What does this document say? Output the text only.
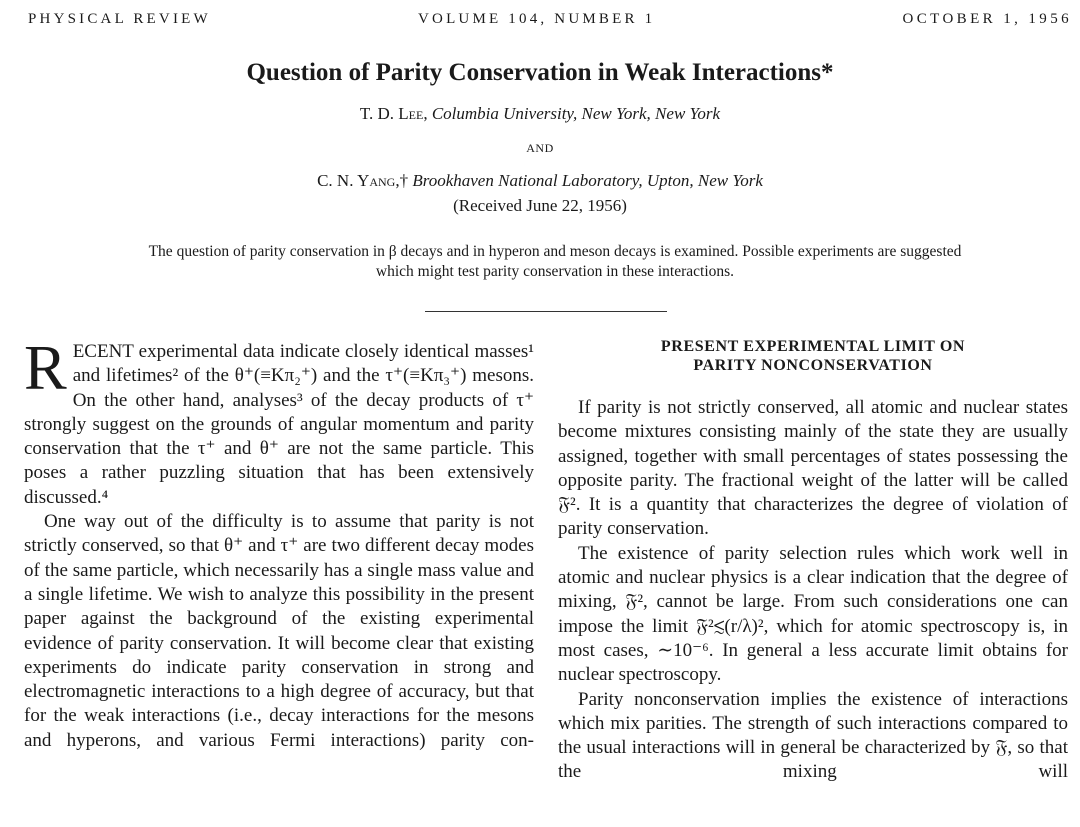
PHYSICAL REVIEW	VOLUME 104, NUMBER 1	OCTOBER 1, 1956
Question of Parity Conservation in Weak Interactions*
T. D. Lee, Columbia University, New York, New York
AND
C. N. Yang,† Brookhaven National Laboratory, Upton, New York
(Received June 22, 1956)
The question of parity conservation in β decays and in hyperon and meson decays is examined. Possible experiments are suggested which might test parity conservation in these interactions.

RECENT experimental data indicate closely identical masses¹ and lifetimes² of the θ⁺(≡Kπ₂⁺) and the τ⁺(≡Kπ₃⁺) mesons. On the other hand, analyses³ of the decay products of τ⁺ strongly suggest on the grounds of angular momentum and parity conservation that the τ⁺ and θ⁺ are not the same particle. This poses a rather puzzling situation that has been extensively discussed.⁴

One way out of the difficulty is to assume that parity is not strictly conserved, so that θ⁺ and τ⁺ are two different decay modes of the same particle, which necessarily has a single mass value and a single lifetime. We wish to analyze this possibility in the present paper against the background of the existing experimental evidence of parity conservation. It will become clear that existing experiments do indicate parity conservation in strong and electromagnetic interactions to a high degree of accuracy, but that for the weak interactions (i.e., decay interactions for the mesons and hyperons, and various Fermi interactions) parity con-

PRESENT EXPERIMENTAL LIMIT ON
PARITY NONCONSERVATION

If parity is not strictly conserved, all atomic and nuclear states become mixtures consisting mainly of the state they are usually assigned, together with small percentages of states possessing the opposite parity. The fractional weight of the latter will be called 𝔉². It is a quantity that characterizes the degree of violation of parity conservation.

The existence of parity selection rules which work well in atomic and nuclear physics is a clear indication that the degree of mixing, 𝔉², cannot be large. From such considerations one can impose the limit 𝔉²≲(r/λ)², which for atomic spectroscopy is, in most cases, ∼10⁻⁶. In general a less accurate limit obtains for nuclear spectroscopy.

Parity nonconservation implies the existence of interactions which mix parities. The strength of such interactions compared to the usual interactions will in general be characterized by 𝔉, so that the mixing will
